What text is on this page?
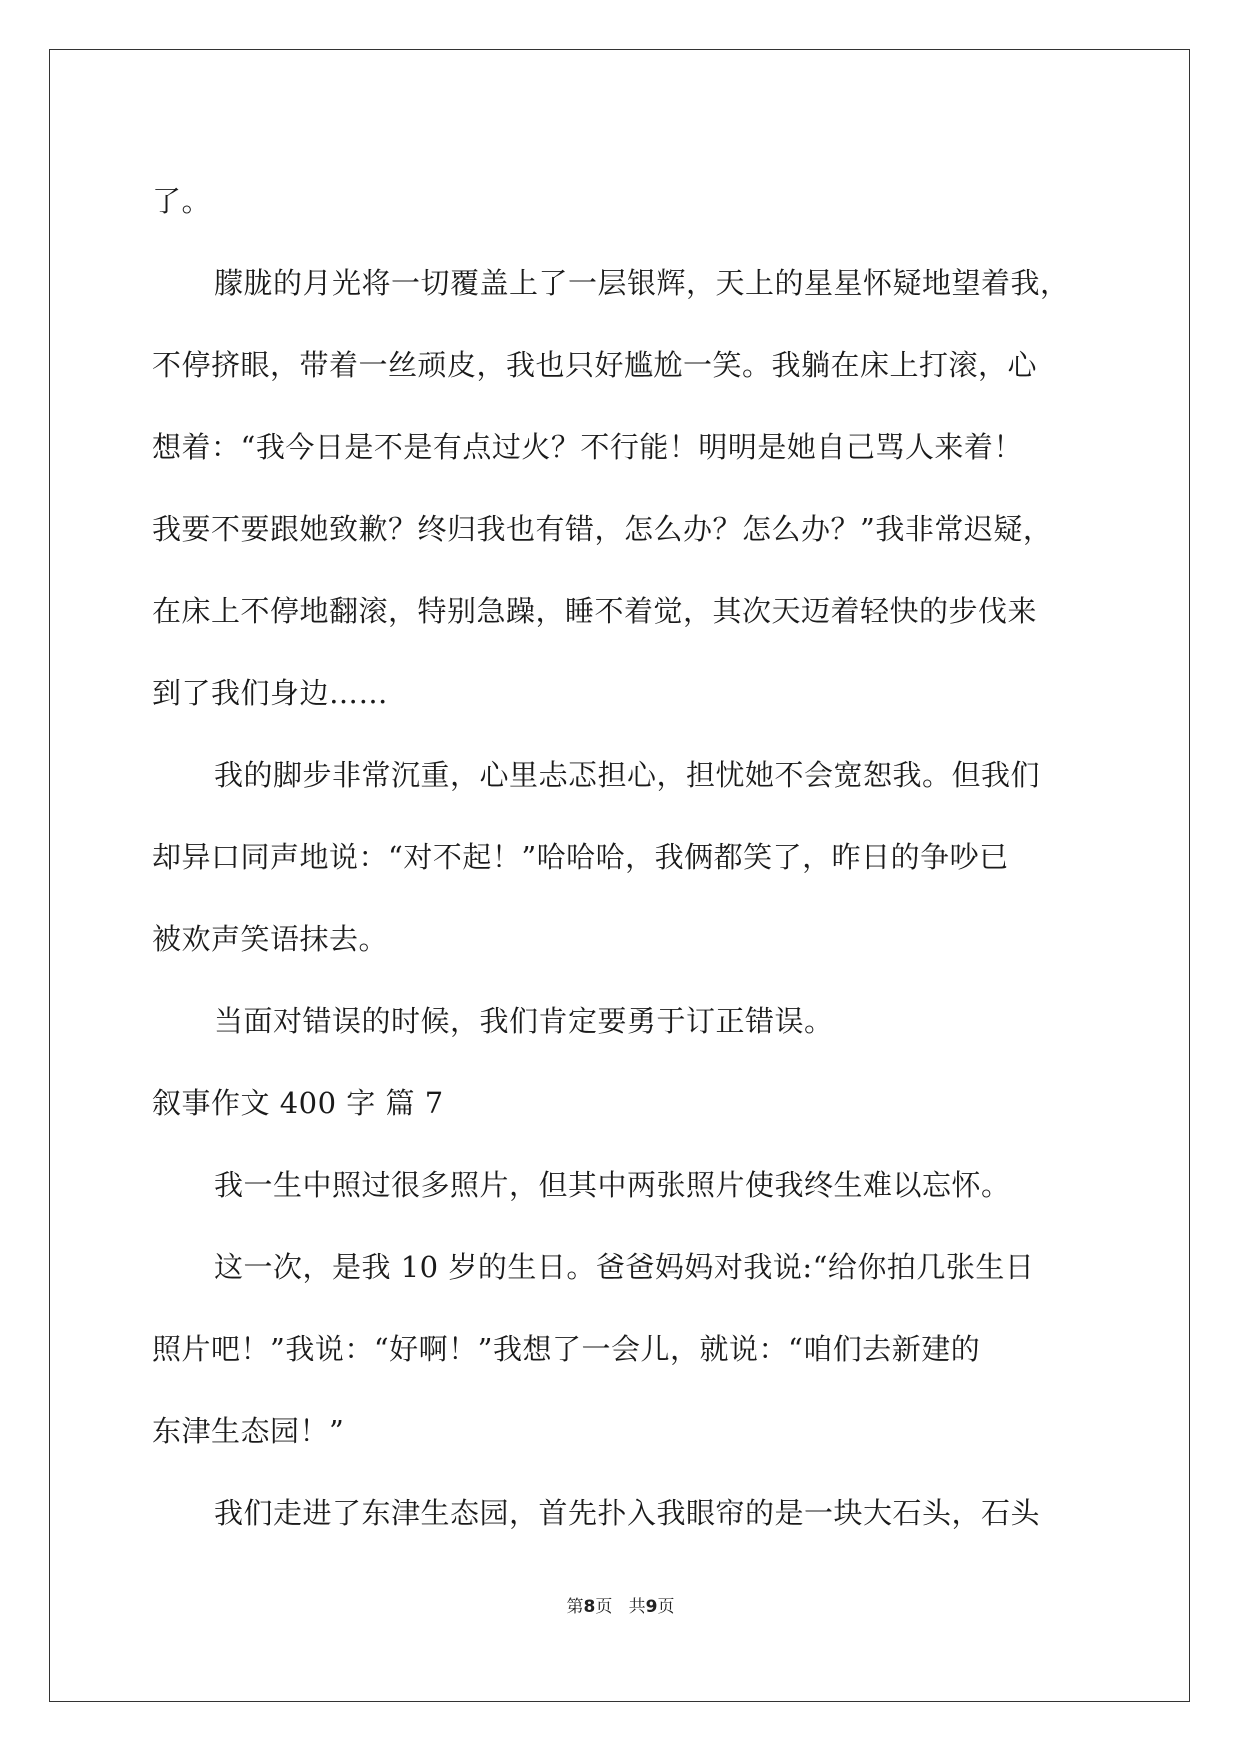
了。
朦胧的月光将一切覆盖上了一层银辉，天上的星星怀疑地望着我，
不停挤眼，带着一丝顽皮，我也只好尴尬一笑。我躺在床上打滚，心
想着：“我今日是不是有点过火？不行能！明明是她自己骂人来着！
我要不要跟她致歉？终归我也有错，怎么办？怎么办？”我非常迟疑，
在床上不停地翻滚，特别急躁，睡不着觉，其次天迈着轻快的步伐来
到了我们身边……
我的脚步非常沉重，心里忐忑担心，担忧她不会宽恕我。但我们
却异口同声地说：“对不起！”哈哈哈，我俩都笑了，昨日的争吵已
被欢声笑语抹去。
当面对错误的时候，我们肯定要勇于订正错误。
叙事作文 400 字 篇 7
我一生中照过很多照片，但其中两张照片使我终生难以忘怀。
这一次，是我 10 岁的生日。爸爸妈妈对我说:“给你拍几张生日
照片吧！”我说：“好啊！”我想了一会儿，就说：“咱们去新建的
东津生态园！”
我们走进了东津生态园，首先扑入我眼帘的是一块大石头，石头
第8页 共9页
